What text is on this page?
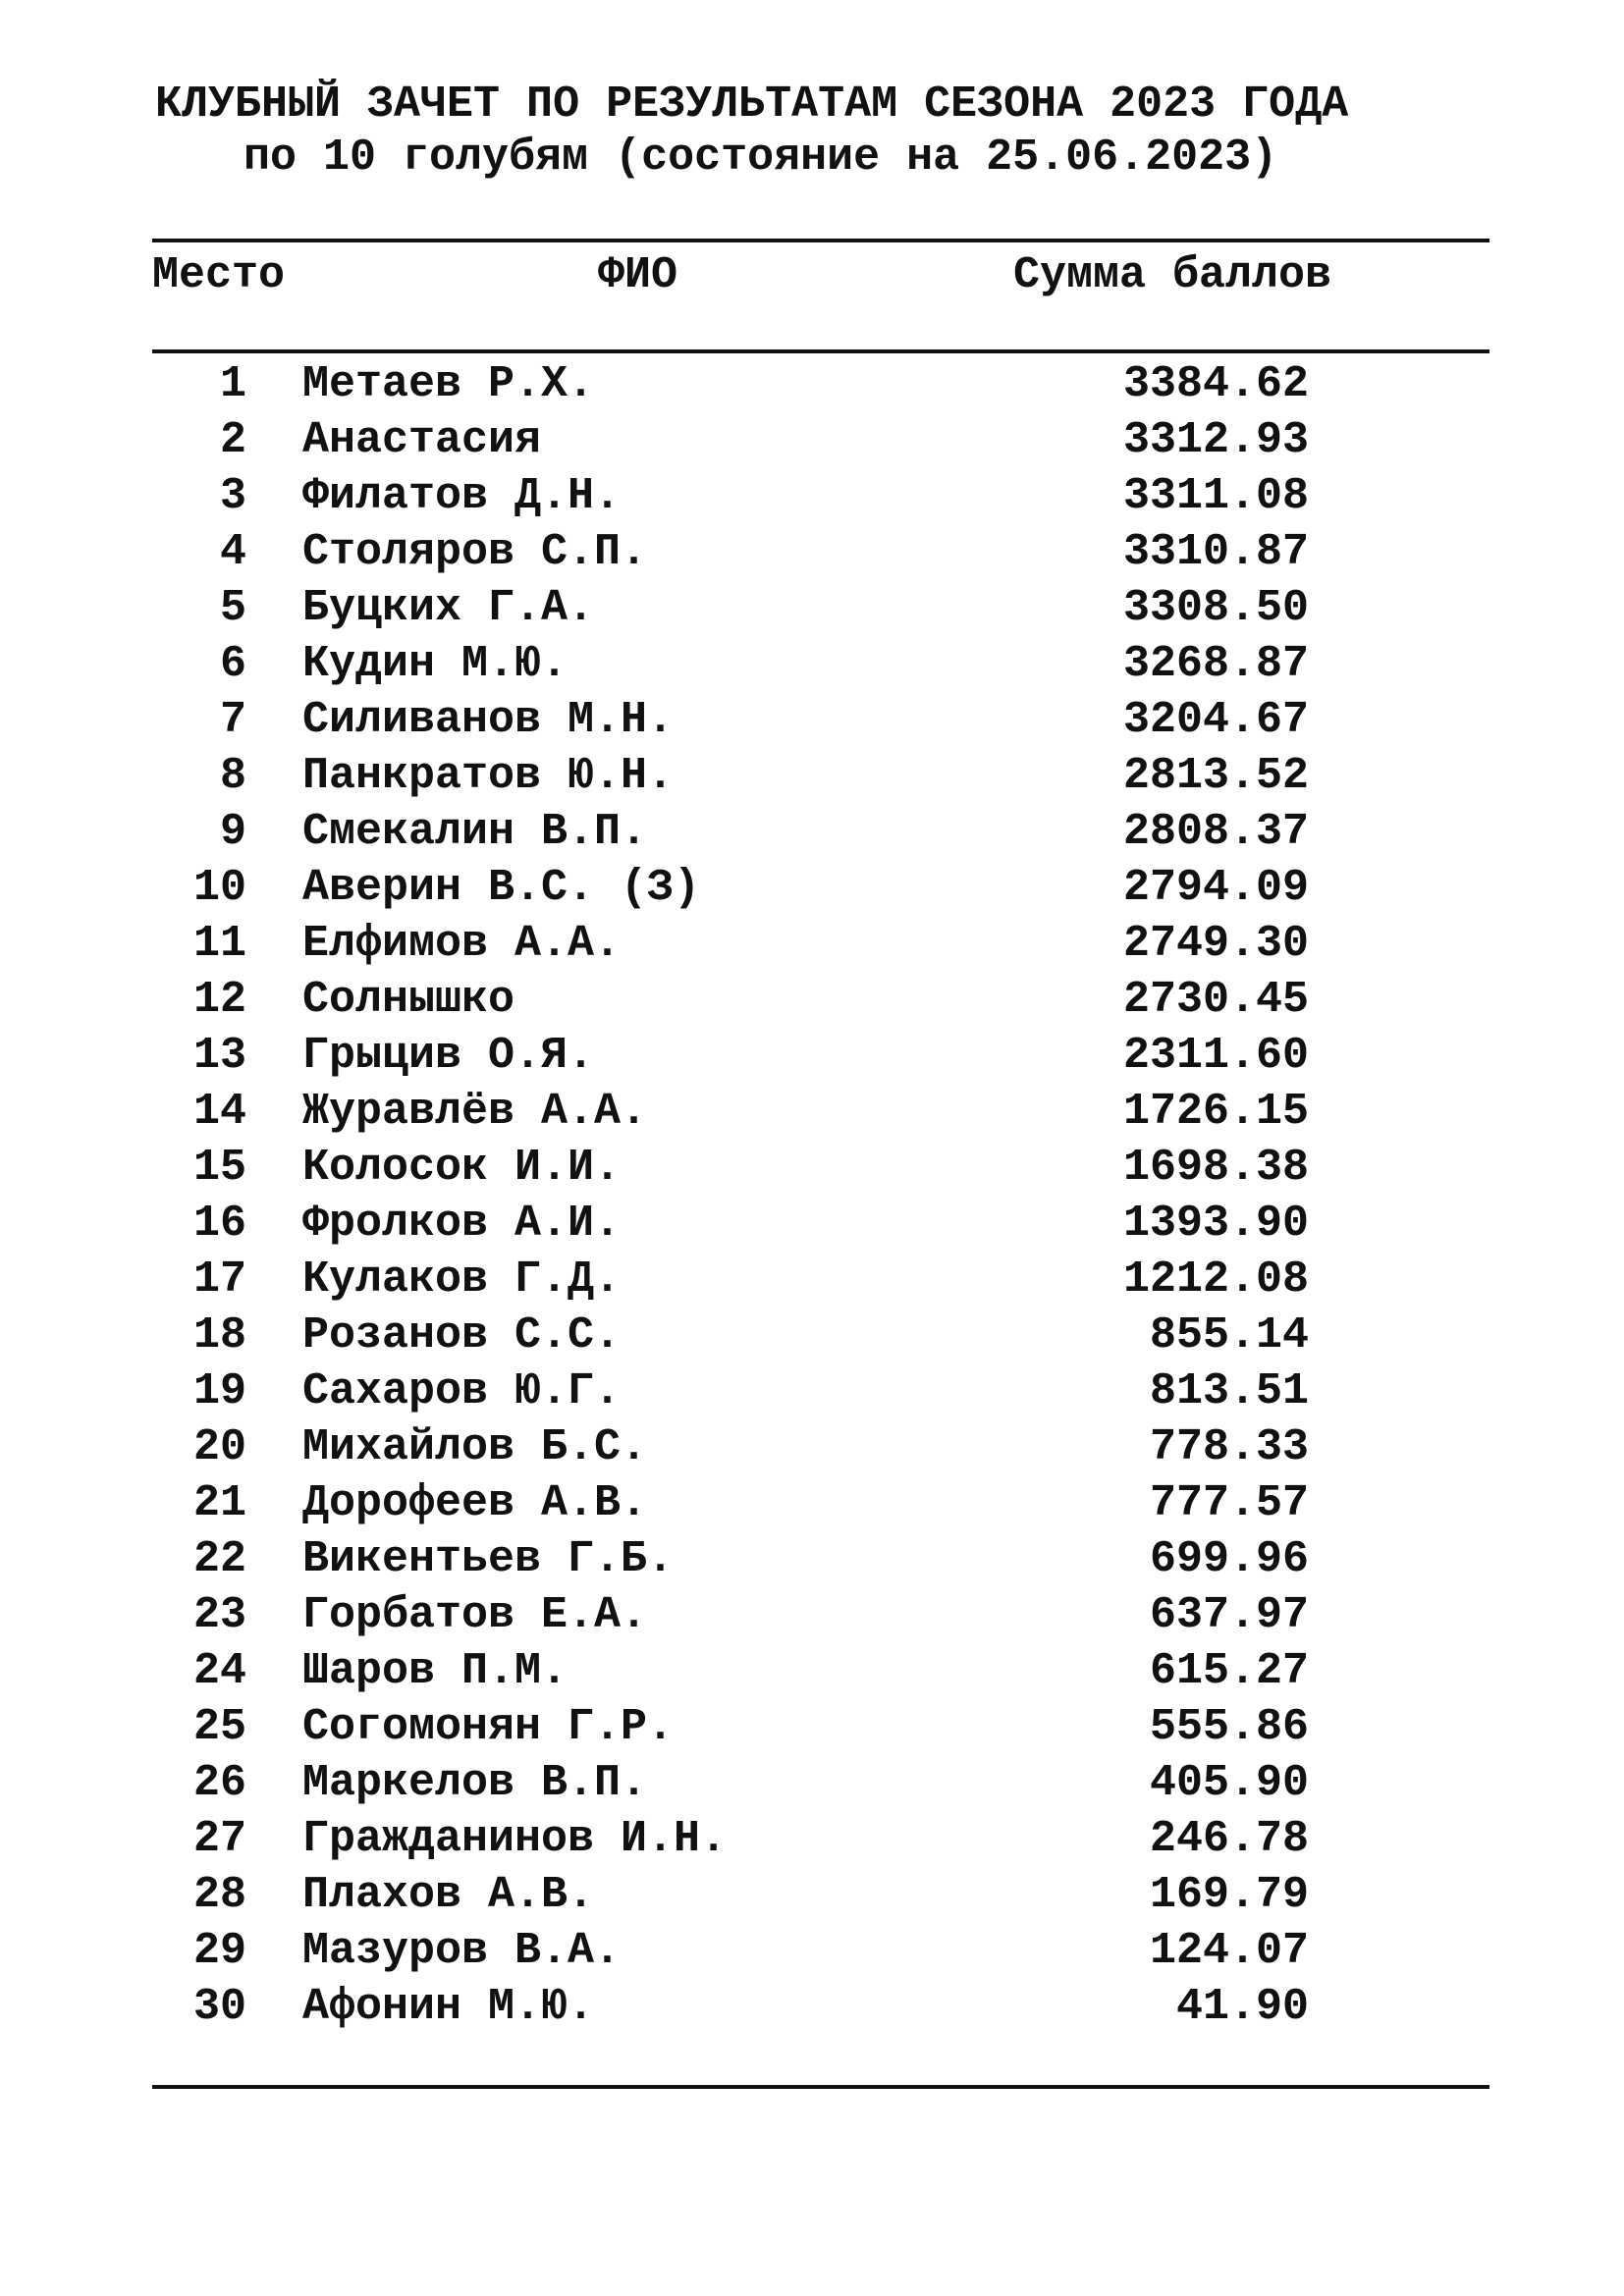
КЛУБНЫЙ ЗАЧЕТ ПО РЕЗУЛЬТАТАМ СЕЗОНА 2023 ГОДА
по 10 голубям (состояние на 25.06.2023)
Место	ФИО	Сумма баллов
1 Метаев Р.Х.	3384.62
2 Анастасия	3312.93
3 Филатов Д.Н.	3311.08
4 Столяров С.П.	3310.87
5 Буцких Г.А.	3308.50
6 Кудин М.Ю.	3268.87
7 Силиванов М.Н.	3204.67
8 Панкратов Ю.Н.	2813.52
9 Смекалин В.П.	2808.37
10 Аверин В.С. (З)	2794.09
11 Елфимов А.А.	2749.30
12 Солнышко	2730.45
13 Грыцив О.Я.	2311.60
14 Журавлёв А.А.	1726.15
15 Колосок И.И.	1698.38
16 Фролков А.И.	1393.90
17 Кулаков Г.Д.	1212.08
18 Розанов С.С.	855.14
19 Сахаров Ю.Г.	813.51
20 Михайлов Б.С.	778.33
21 Дорофеев А.В.	777.57
22 Викентьев Г.Б.	699.96
23 Горбатов Е.А.	637.97
24 Шаров П.М.	615.27
25 Согомонян Г.Р.	555.86
26 Маркелов В.П.	405.90
27 Гражданинов И.Н.	246.78
28 Плахов А.В.	169.79
29 Мазуров В.А.	124.07
30 Афонин М.Ю.	41.90
